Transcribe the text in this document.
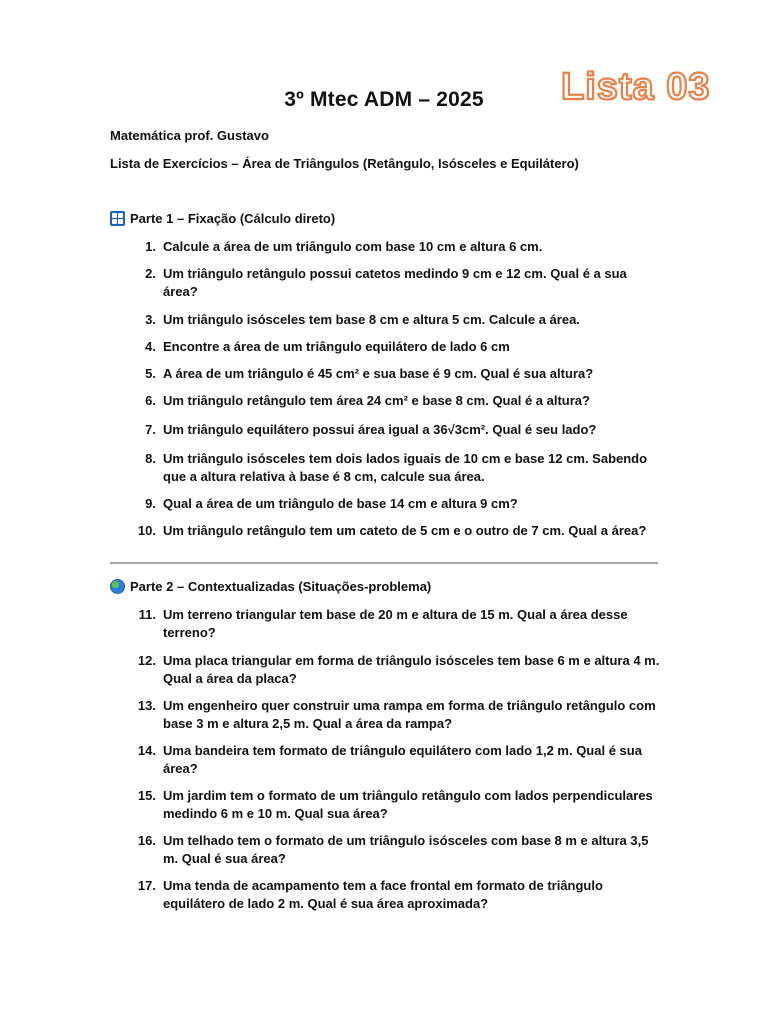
3º Mtec ADM – 2025	Lista 03
Matemática prof. Gustavo
Lista de Exercícios – Área de Triângulos (Retângulo, Isósceles e Equilátero)
Parte 1 – Fixação (Cálculo direto)
1. Calcule a área de um triângulo com base 10 cm e altura 6 cm.
2. Um triângulo retângulo possui catetos medindo 9 cm e 12 cm. Qual é a sua área?
3. Um triângulo isósceles tem base 8 cm e altura 5 cm. Calcule a área.
4. Encontre a área de um triângulo equilátero de lado 6 cm
5. A área de um triângulo é 45 cm² e sua base é 9 cm. Qual é sua altura?
6. Um triângulo retângulo tem área 24 cm² e base 8 cm. Qual é a altura?
7. Um triângulo equilátero possui área igual a 36√3cm². Qual é seu lado?
8. Um triângulo isósceles tem dois lados iguais de 10 cm e base 12 cm. Sabendo que a altura relativa à base é 8 cm, calcule sua área.
9. Qual a área de um triângulo de base 14 cm e altura 9 cm?
10. Um triângulo retângulo tem um cateto de 5 cm e o outro de 7 cm. Qual a área?
Parte 2 – Contextualizadas (Situações-problema)
11. Um terreno triangular tem base de 20 m e altura de 15 m. Qual a área desse terreno?
12. Uma placa triangular em forma de triângulo isósceles tem base 6 m e altura 4 m. Qual a área da placa?
13. Um engenheiro quer construir uma rampa em forma de triângulo retângulo com base 3 m e altura 2,5 m. Qual a área da rampa?
14. Uma bandeira tem formato de triângulo equilátero com lado 1,2 m. Qual é sua área?
15. Um jardim tem o formato de um triângulo retângulo com lados perpendiculares medindo 6 m e 10 m. Qual sua área?
16. Um telhado tem o formato de um triângulo isósceles com base 8 m e altura 3,5 m. Qual é sua área?
17. Uma tenda de acampamento tem a face frontal em formato de triângulo equilátero de lado 2 m. Qual é sua área aproximada?
